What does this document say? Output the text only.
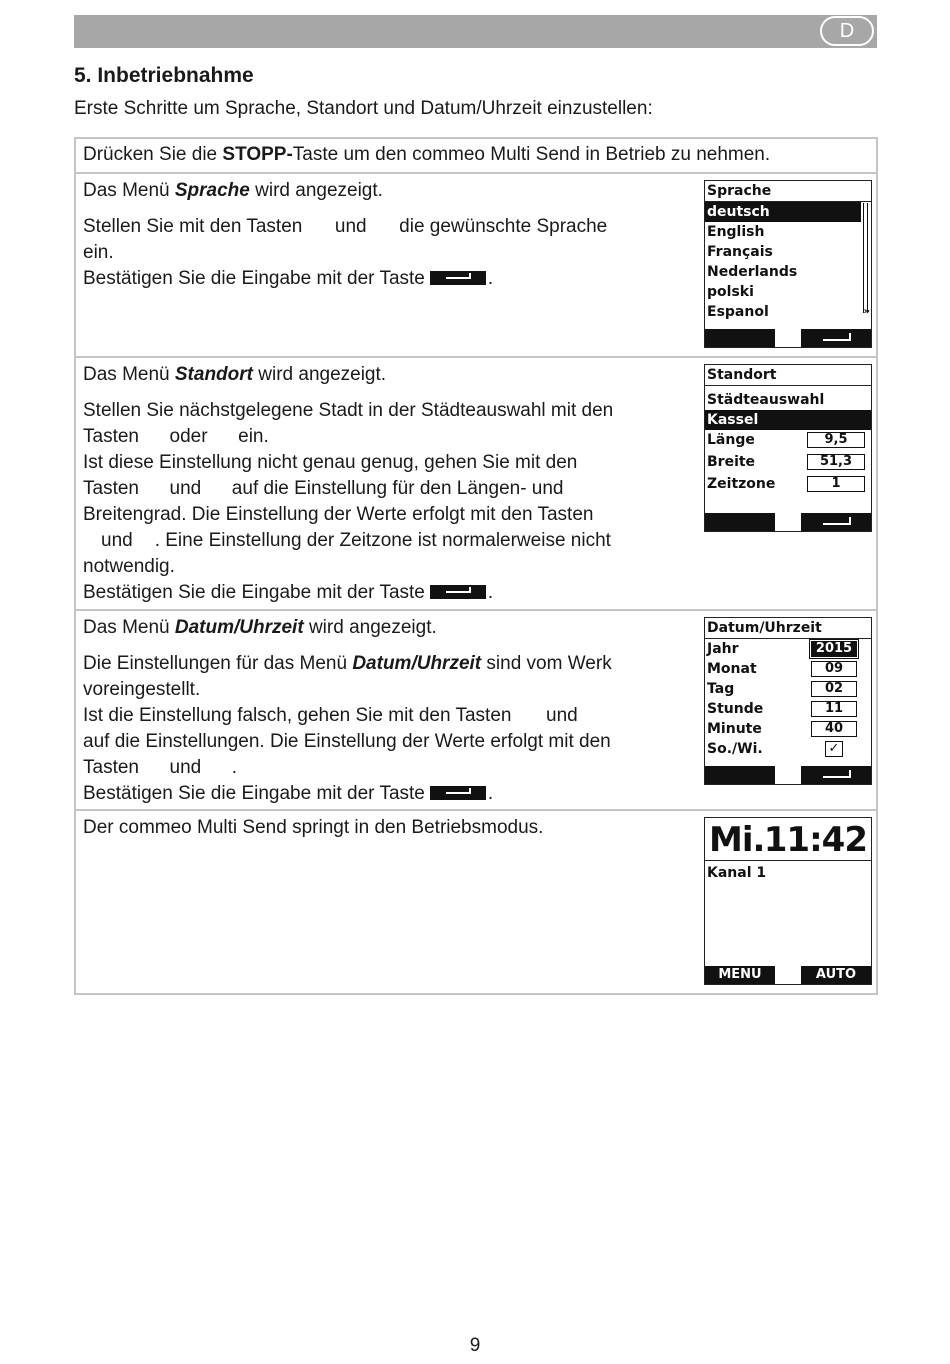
D
5. Inbetriebnahme
Erste Schritte um Sprache, Standort und Datum/Uhrzeit einzustellen:
Drücken Sie die STOPP-Taste um den commeo Multi Send in Betrieb zu nehmen.
Das Menü Sprache wird angezeigt.
Stellen Sie mit den Tasten  und  die gewünschte Sprache
ein.
Bestätigen Sie die Eingabe mit der Taste	.
Sprache
deutsch
English
Français
Nederlands
polski
Espanol	»
Das Menü Standort wird angezeigt.
Stellen Sie nächstgelegene Stadt in der Städteauswahl mit den
Tasten  oder  ein.
Ist diese Einstellung nicht genau genug, gehen Sie mit den
Tasten  und  auf die Einstellung für den Längen- und
Breitengrad. Die Einstellung der Werte erfolgt mit den Tasten
und . Eine Einstellung der Zeitzone ist normalerweise nicht
notwendig.
Bestätigen Sie die Eingabe mit der Taste	.
Standort
Städteauswahl
Kassel
Länge	9,5
Breite	51,3
Zeitzone	1
Das Menü Datum/Uhrzeit wird angezeigt.
Die Einstellungen für das Menü Datum/Uhrzeit sind vom Werk
voreingestellt.
Ist die Einstellung falsch, gehen Sie mit den Tasten  und
auf die Einstellungen. Die Einstellung der Werte erfolgt mit den
Tasten  und  .
Bestätigen Sie die Eingabe mit der Taste	.
Datum/Uhrzeit
Jahr	2015
Monat	09
Tag	02
Stunde	11
Minute	40
So./Wi.	✓
Der commeo Multi Send springt in den Betriebsmodus.	Mi. 11:42
Kanal 1
MENU	AUTO
9
